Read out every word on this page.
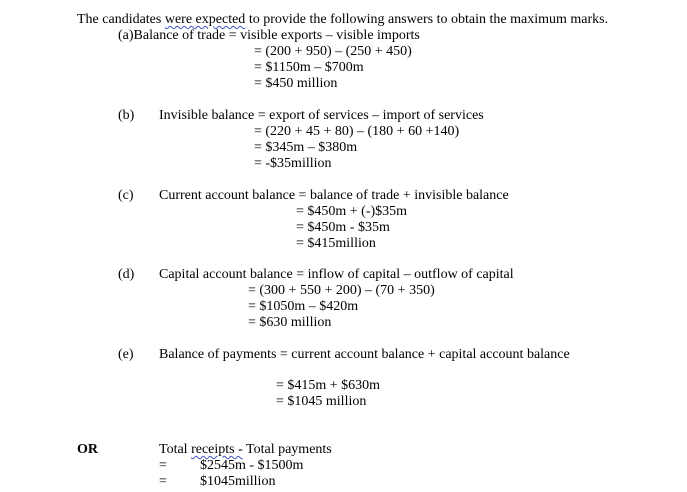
The candidates were expected to provide the following answers to obtain the maximum marks.
(a)Balance of trade = visible exports – visible imports
= (200 + 950) – (250 + 450)
= $1150m – $700m
= $450 million
(b) Invisible balance = export of services – import of services
= (220 + 45 + 80) – (180 + 60 +140)
= $345m – $380m
= -$35million
(c) Current account balance = balance of trade + invisible balance
= $450m + (-)$35m
= $450m - $35m
= $415million
(d) Capital account balance = inflow of capital – outflow of capital
= (300 + 550 + 200) – (70 + 350)
= $1050m – $420m
= $630 million
(e) Balance of payments = current account balance + capital account balance
= $415m + $630m
= $1045 million
OR	Total receipts - Total payments
= $2545m - $1500m
= $1045million
